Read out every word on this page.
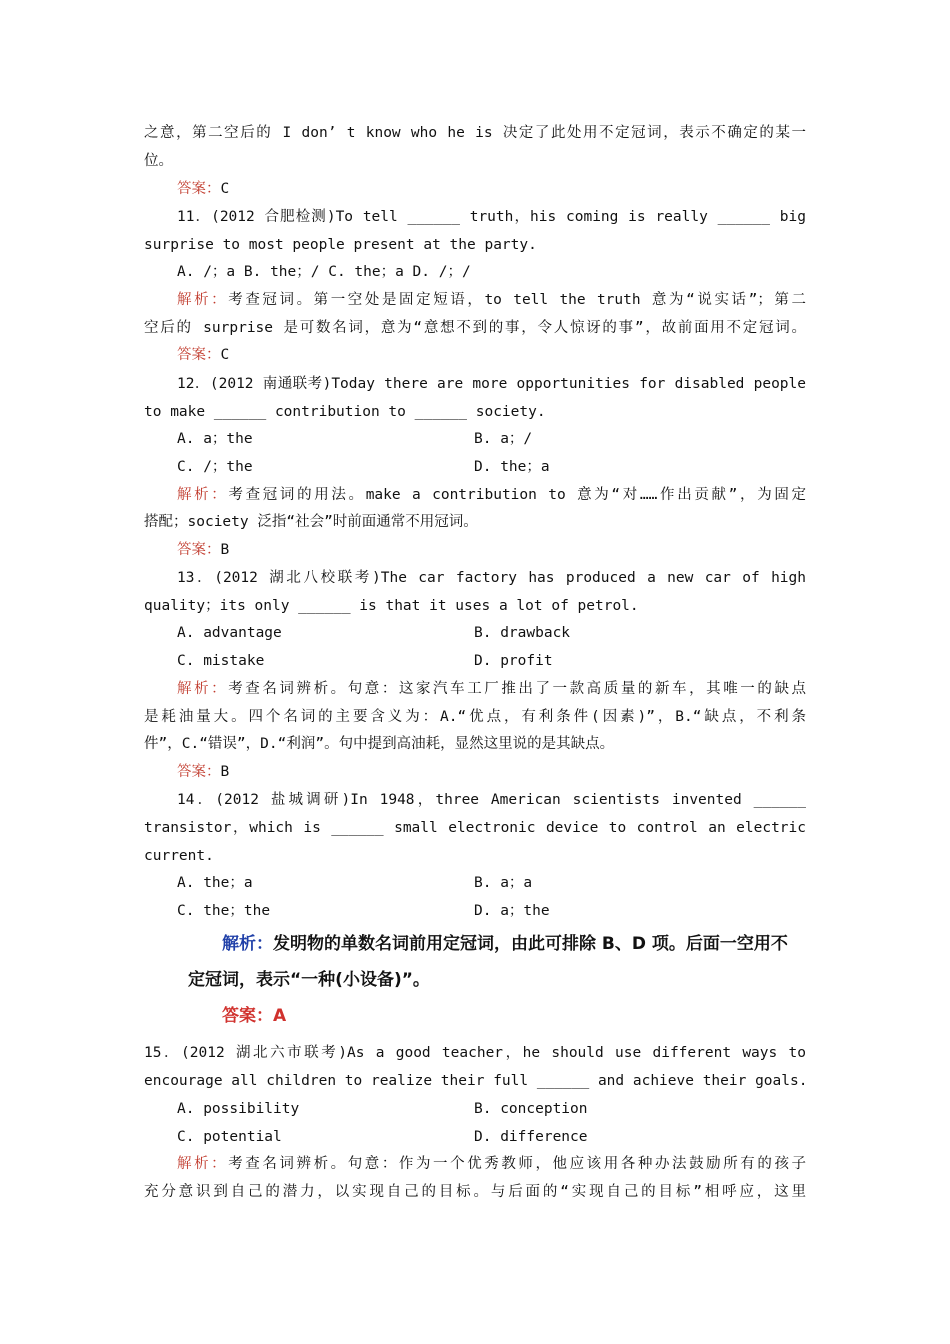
之意，第二空后的 I don’ t know who he is 决定了此处用不定冠词，表示不确定的某一
位。
答案：C
11．(2012 合肥检测)To tell ______ truth，his coming is really ______ big
surprise to most people present at the party.
A. /；a B. the；/ C. the；a D. /；/
解析：考查冠词。第一空处是固定短语，to tell the truth 意为“说实话”；第二
空后的 surprise 是可数名词，意为“意想不到的事，令人惊讶的事”，故前面用不定冠词。
答案：C
12．(2012 南通联考)Today there are more opportunities for disabled people
to make ______ contribution to ______ society.
A. a；the	B. a；/
C. /；the	D. the；a
解析：考查冠词的用法。make a contribution to 意为“对……作出贡献”，为固定
搭配；society 泛指“社会”时前面通常不用冠词。
答案：B
13．(2012 湖北八校联考)The car factory has produced a new car of high
quality；its only ______ is that it uses a lot of petrol.
A. advantage	B. drawback
C. mistake	D. profit
解析：考查名词辨析。句意：这家汽车工厂推出了一款高质量的新车，其唯一的缺点
是耗油量大。四个名词的主要含义为：A.“优点，有利条件(因素)”，B.“缺点，不利条
件”，C.“错误”，D.“利润”。句中提到高油耗，显然这里说的是其缺点。
答案：B
14．(2012 盐城调研)In 1948，three American scientists invented ______
transistor，which is ______ small electronic device to control an electric
current.
A. the；a	B. a；a
C. the；the	D. a；the
解析：发明物的单数名词前用定冠词，由此可排除 B、D 项。后面一空用不
定冠词，表示“一种(小设备)”。
答案：A
15．(2012 湖北六市联考)As a good teacher，he should use different ways to
encourage all children to realize their full ______ and achieve their goals.
A. possibility	B. conception
C. potential	D. difference
解析：考查名词辨析。句意：作为一个优秀教师，他应该用各种办法鼓励所有的孩子
充分意识到自己的潜力，以实现自己的目标。与后面的“实现自己的目标”相呼应，这里
